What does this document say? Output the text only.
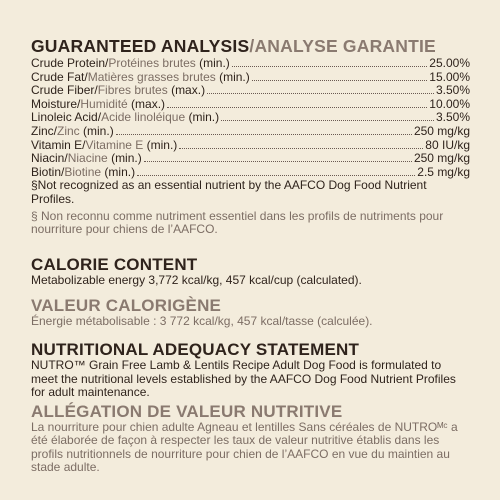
GUARANTEED ANALYSIS/ANALYSE GARANTIE
Crude Protein/Protéines brutes (min.)	25.00%
Crude Fat/Matières grasses brutes (min.)	15.00%
Crude Fiber/Fibres brutes (max.)	3.50%
Moisture/Humidité (max.)	10.00%
Linoleic Acid/Acide linoléique (min.)	3.50%
Zinc/Zinc (min.)	250 mg/kg
Vitamin E/Vitamine E (min.)	80 IU/kg
Niacin/Niacine (min.)	250 mg/kg
Biotin/Biotine (min.)	2.5 mg/kg
§Not recognized as an essential nutrient by the AAFCO Dog Food Nutrient Profiles.
§ Non reconnu comme nutriment essentiel dans les profils de nutriments pour nourriture pour chiens de l’AAFCO.
CALORIE CONTENT
Metabolizable energy 3,772 kcal/kg, 457 kcal/cup (calculated).
VALEUR CALORIGÈNE
Énergie métabolisable : 3 772 kcal/kg, 457 kcal/tasse (calculée).
NUTRITIONAL ADEQUACY STATEMENT
NUTRO™ Grain Free Lamb & Lentils Recipe Adult Dog Food is formulated to meet the nutritional levels established by the AAFCO Dog Food Nutrient Profiles for adult maintenance.
ALLÉGATION DE VALEUR NUTRITIVE
La nourriture pour chien adulte Agneau et lentilles Sans céréales de NUTROᴹᶜ a été élaborée de façon à respecter les taux de valeur nutritive établis dans les profils nutritionnels de nourriture pour chien de l’AAFCO en vue du maintien au stade adulte.
